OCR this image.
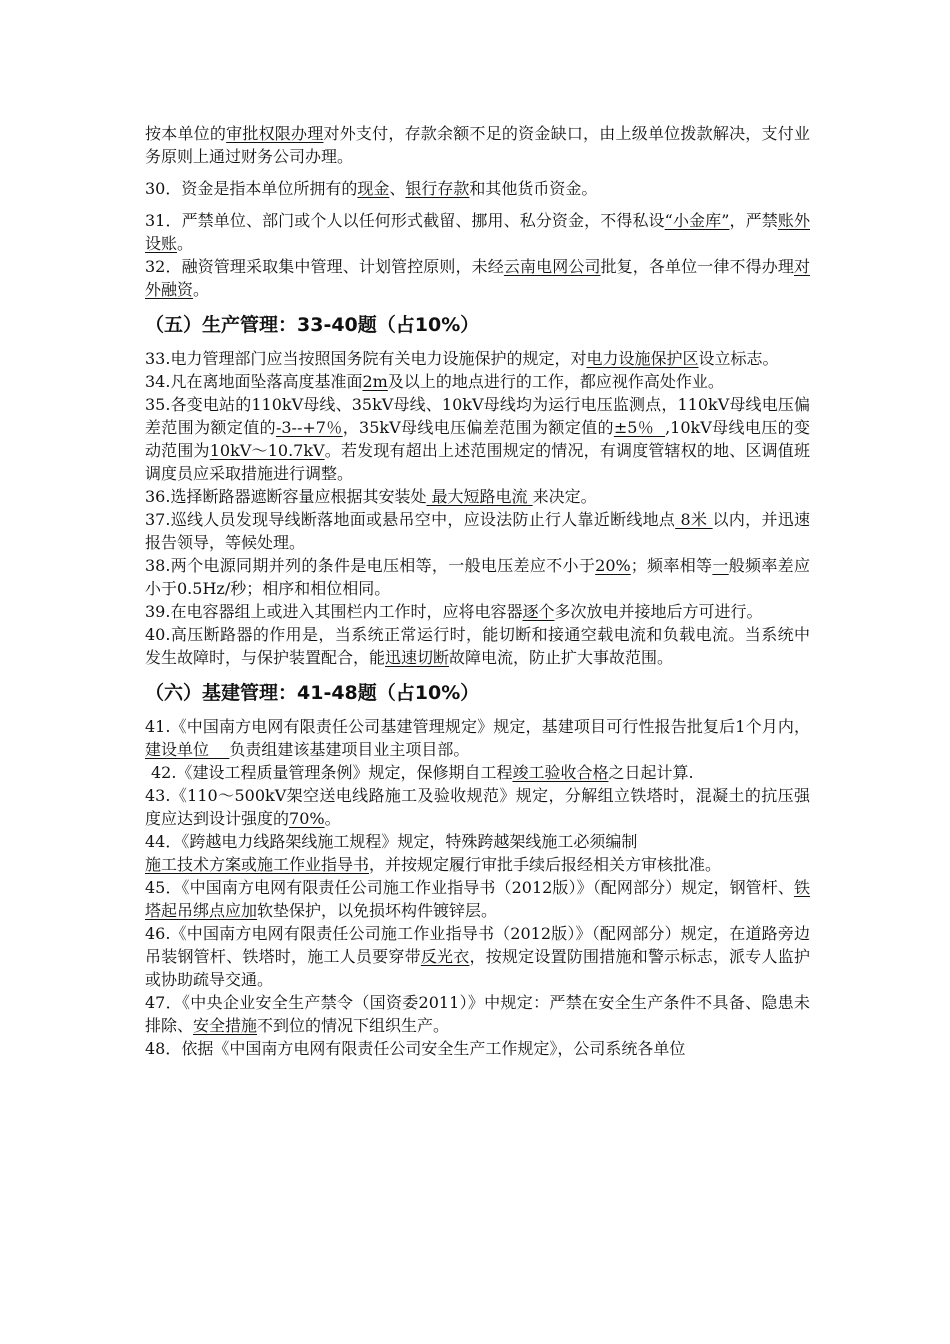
按本单位的审批权限办理对外支付，存款余额不足的资金缺口，由上级单位拨款解决，支付业务原则上通过财务公司办理。

30．资金是指本单位所拥有的现金、银行存款和其他货币资金。

31．严禁单位、部门或个人以任何形式截留、挪用、私分资金，不得私设“小金库”，严禁账外设账。

32．融资管理采取集中管理、计划管控原则，未经云南电网公司批复，各单位一律不得办理对外融资。

（五）生产管理：33-40题（占10%）

33.电力管理部门应当按照国务院有关电力设施保护的规定，对电力设施保护区设立标志。

34.凡在离地面坠落高度基准面2m及以上的地点进行的工作，都应视作高处作业。

35.各变电站的110kV母线、35kV母线、10kV母线均为运行电压监测点，110kV母线电压偏差范围为额定值的-3--+7％，35kV母线电压偏差范围为额定值的±5％  ,10kV母线电压的变动范围为10kV～10.7kV。若发现有超出上述范围规定的情况，有调度管辖权的地、区调值班调度员应采取措施进行调整。

36.选择断路器遮断容量应根据其安装处 最大短路电流 来决定。

37.巡线人员发现导线断落地面或悬吊空中，应设法防止行人靠近断线地点 8米 以内，并迅速报告领导，等候处理。

38.两个电源同期并列的条件是电压相等，一般电压差应不小于20%；频率相等一般频率差应小于0.5Hz/秒；相序和相位相同。

39.在电容器组上或进入其围栏内工作时，应将电容器逐个多次放电并接地后方可进行。

40.高压断路器的作用是，当系统正常运行时，能切断和接通空载电流和负载电流。当系统中发生故障时，与保护装置配合，能迅速切断故障电流，防止扩大事故范围。

（六）基建管理：41-48题（占10%）

41.《中国南方电网有限责任公司基建管理规定》规定，基建项目可行性报告批复后1个月内，建设单位    负责组建该基建项目业主项目部。

42.《建设工程质量管理条例》规定，保修期自工程竣工验收合格之日起计算.

43.《110～500kV架空送电线路施工及验收规范》规定，分解组立铁塔时，混凝土的抗压强度应达到设计强度的70%。

44．《跨越电力线路架线施工规程》规定，特殊跨越架线施工必须编制
施工技术方案或施工作业指导书，并按规定履行审批手续后报经相关方审核批准。

45．《中国南方电网有限责任公司施工作业指导书（2012版）》（配网部分）规定，钢管杆、铁塔起吊绑点应加软垫保护，以免损坏构件镀锌层。

46.《中国南方电网有限责任公司施工作业指导书（2012版）》（配网部分）规定，在道路旁边吊装钢管杆、铁塔时，施工人员要穿带反光衣，按规定设置防围措施和警示标志，派专人监护或协助疏导交通。

47．《中央企业安全生产禁令（国资委2011）》中规定：严禁在安全生产条件不具备、隐患未排除、安全措施不到位的情况下组织生产。

48．依据《中国南方电网有限责任公司安全生产工作规定》，公司系统各单位
